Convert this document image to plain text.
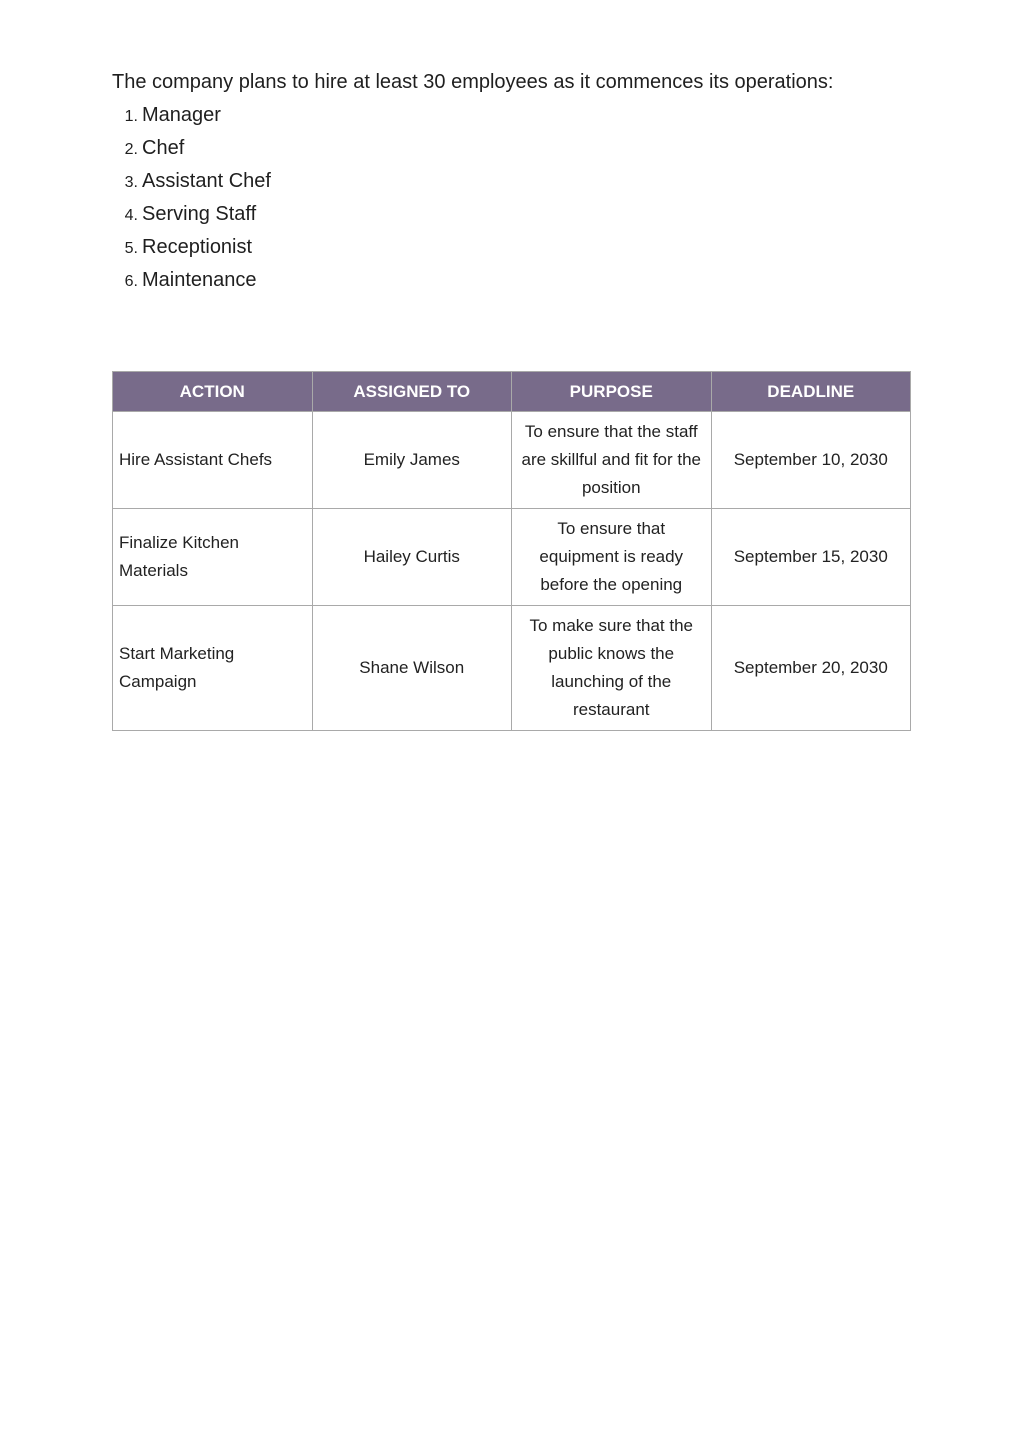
The company plans to hire at least 30 employees as it commences its operations:

1. Manager
2. Chef
3. Assistant Chef
4. Serving Staff
5. Receptionist
6. Maintenance
ACTION	ASSIGNED TO	PURPOSE	DEADLINE
Hire Assistant Chefs	Emily James	To ensure that the staff are skillful and fit for the position	September 10, 2030
Finalize Kitchen Materials	Hailey Curtis	To ensure that equipment is ready before the opening	September 15, 2030
Start Marketing Campaign	Shane Wilson	To make sure that the public knows the launching of the restaurant	September 20, 2030
